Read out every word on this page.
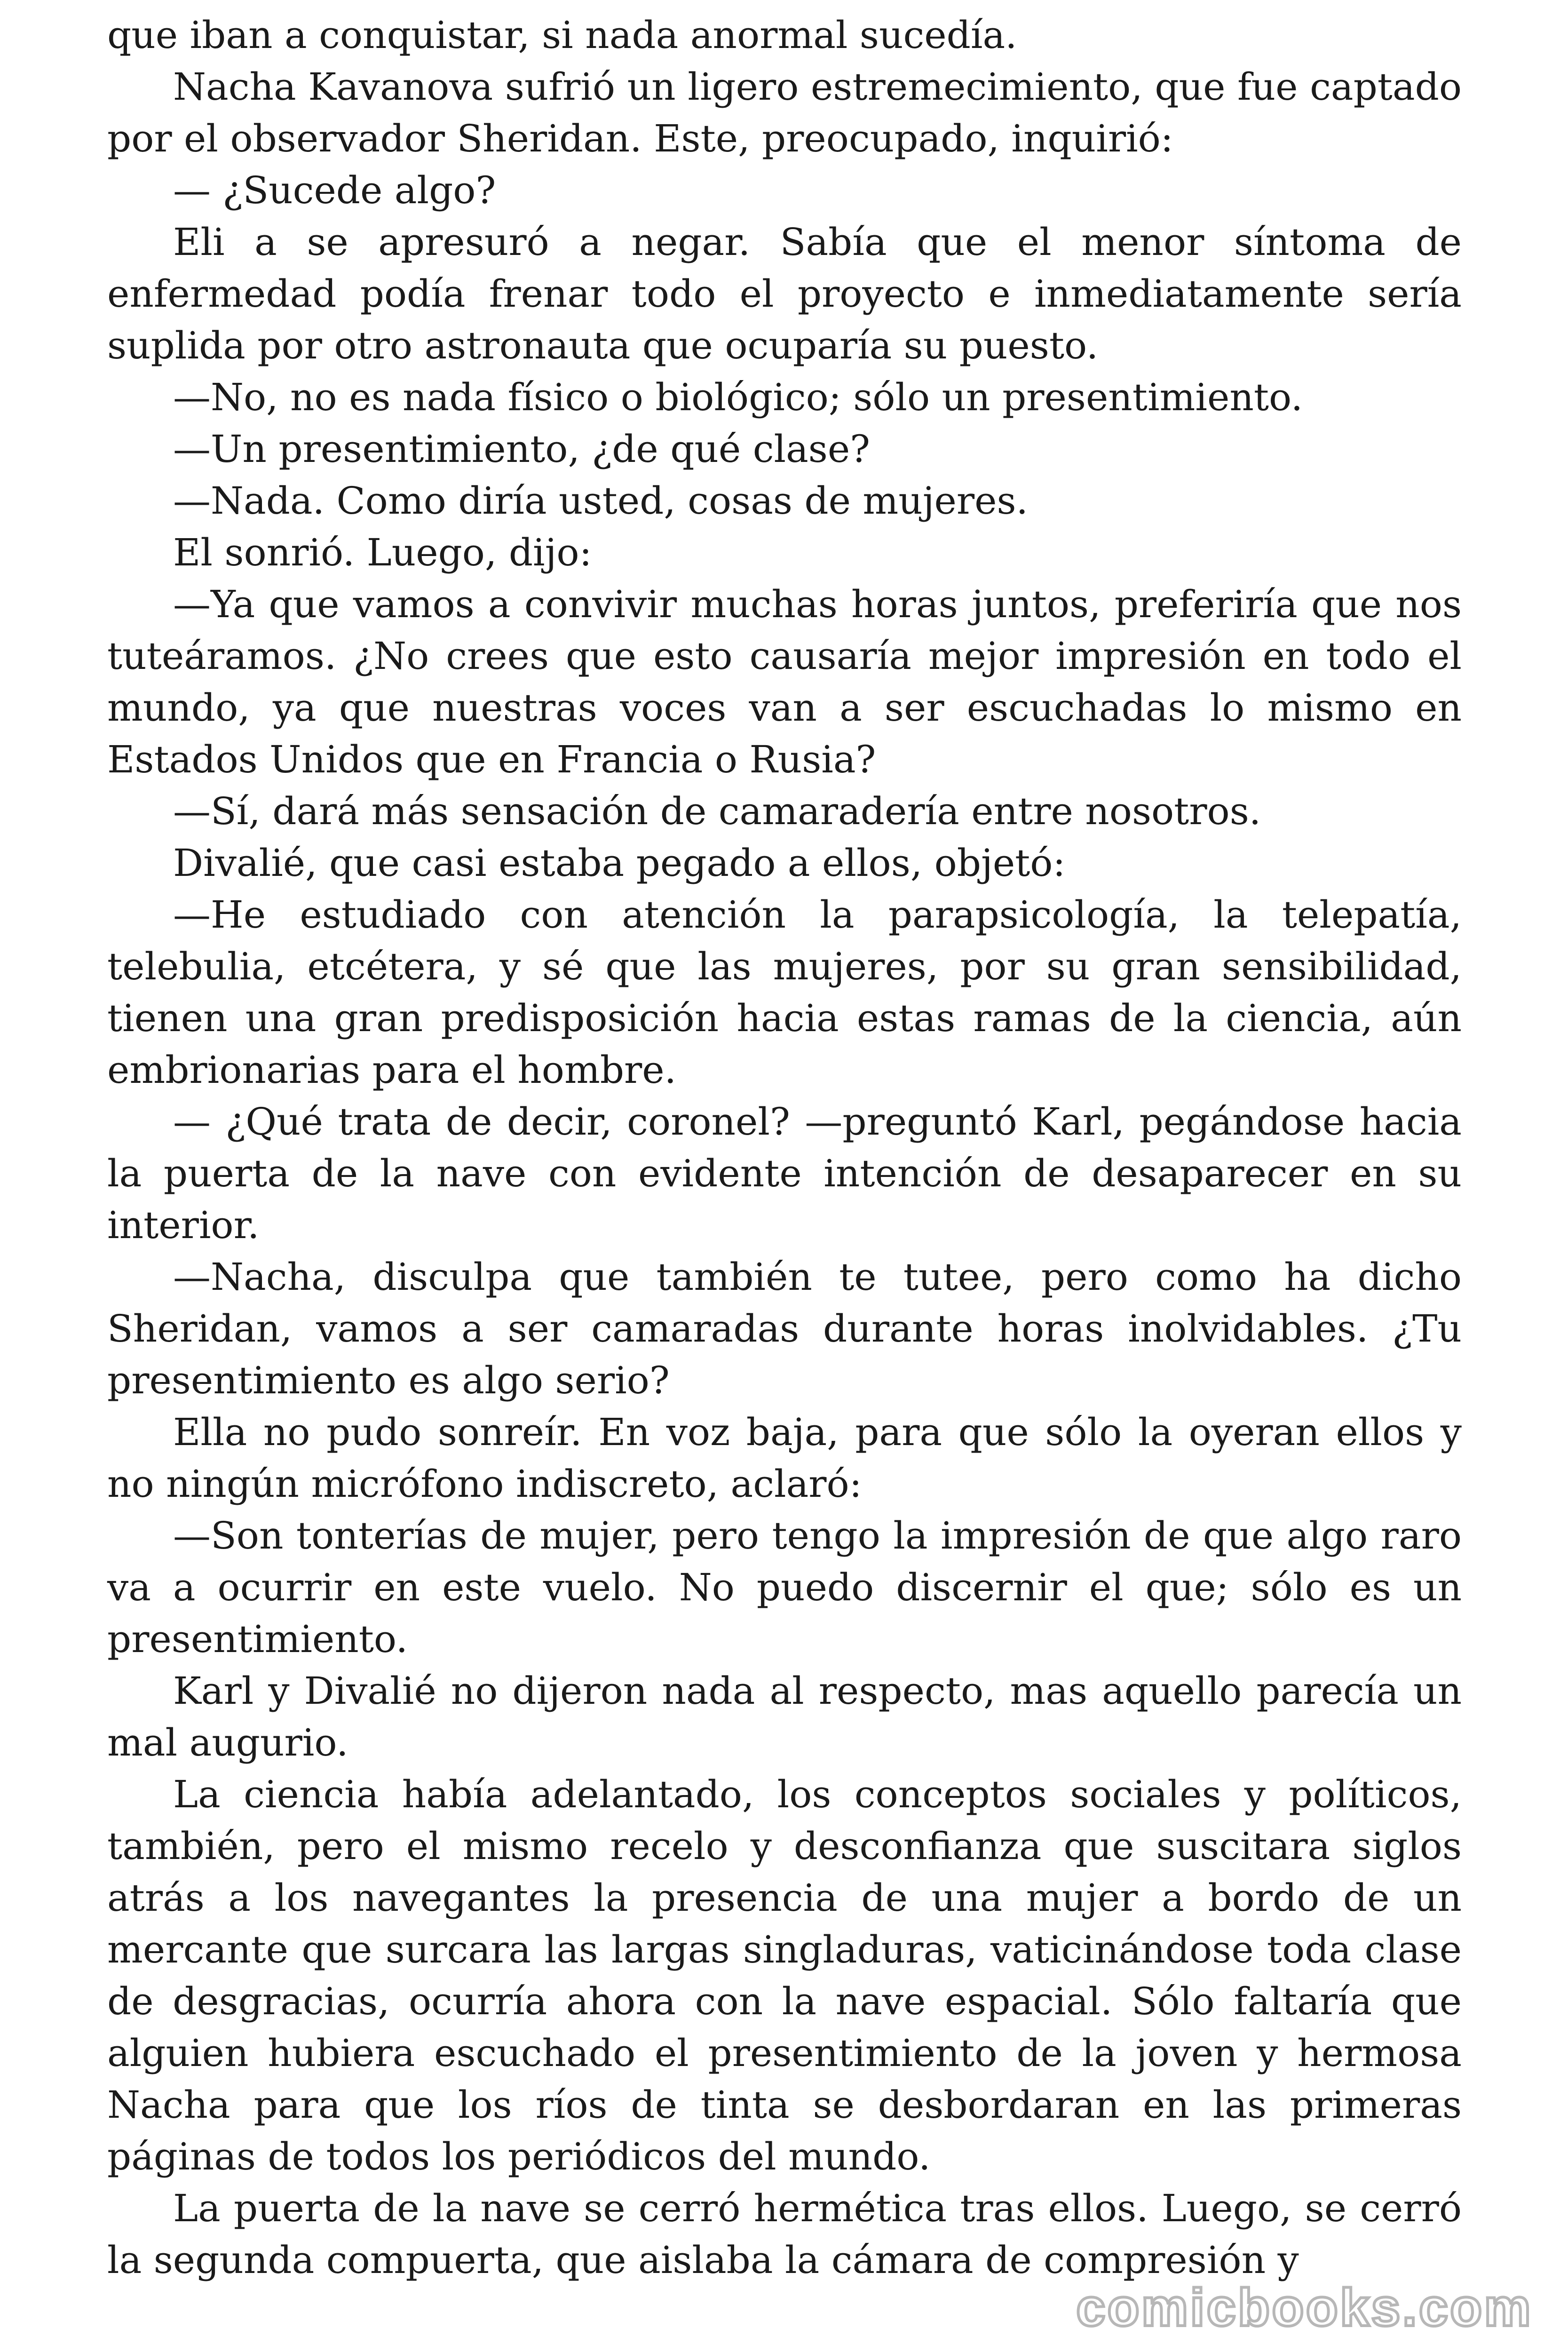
que iban a conquistar, si nada anormal sucedía.

Nacha Kavanova sufrió un ligero estremecimiento, que fue captado por el observador Sheridan. Este, preocupado, inquirió:

— ¿Sucede algo?

Eli a se apresuró a negar. Sabía que el menor síntoma de enfermedad podía frenar todo el proyecto e inmediatamente sería suplida por otro astronauta que ocuparía su puesto.

—No, no es nada físico o biológico; sólo un presentimiento.

—Un presentimiento, ¿de qué clase?

—Nada. Como diría usted, cosas de mujeres.

El sonrió. Luego, dijo:

—Ya que vamos a convivir muchas horas juntos, preferiría que nos tuteáramos. ¿No crees que esto causaría mejor impresión en todo el mundo, ya que nuestras voces van a ser escuchadas lo mismo en Estados Unidos que en Francia o Rusia?

—Sí, dará más sensación de camaradería entre nosotros.

Divalié, que casi estaba pegado a ellos, objetó:

—He estudiado con atención la parapsicología, la telepatía, telebulia, etcétera, y sé que las mujeres, por su gran sensibilidad, tienen una gran predisposición hacia estas ramas de la ciencia, aún embrionarias para el hombre.

— ¿Qué trata de decir, coronel? —preguntó Karl, pegándose hacia la puerta de la nave con evidente intención de desaparecer en su interior.

—Nacha, disculpa que también te tutee, pero como ha dicho Sheridan, vamos a ser camaradas durante horas inolvidables. ¿Tu presentimiento es algo serio?

Ella no pudo sonreír. En voz baja, para que sólo la oyeran ellos y no ningún micrófono indiscreto, aclaró:

—Son tonterías de mujer, pero tengo la impresión de que algo raro va a ocurrir en este vuelo. No puedo discernir el que; sólo es un presentimiento.

Karl y Divalié no dijeron nada al respecto, mas aquello parecía un mal augurio.

La ciencia había adelantado, los conceptos sociales y políticos, también, pero el mismo recelo y desconfianza que suscitara siglos atrás a los navegantes la presencia de una mujer a bordo de un mercante que surcara las largas singladuras, vaticinándose toda clase de desgracias, ocurría ahora con la nave espacial. Sólo faltaría que alguien hubiera escuchado el presentimiento de la joven y hermosa Nacha para que los ríos de tinta se desbordaran en las primeras páginas de todos los periódicos del mundo.

La puerta de la nave se cerró hermética tras ellos. Luego, se cerró la segunda compuerta, que aislaba la cámara de compresión y

comicbooks.com
